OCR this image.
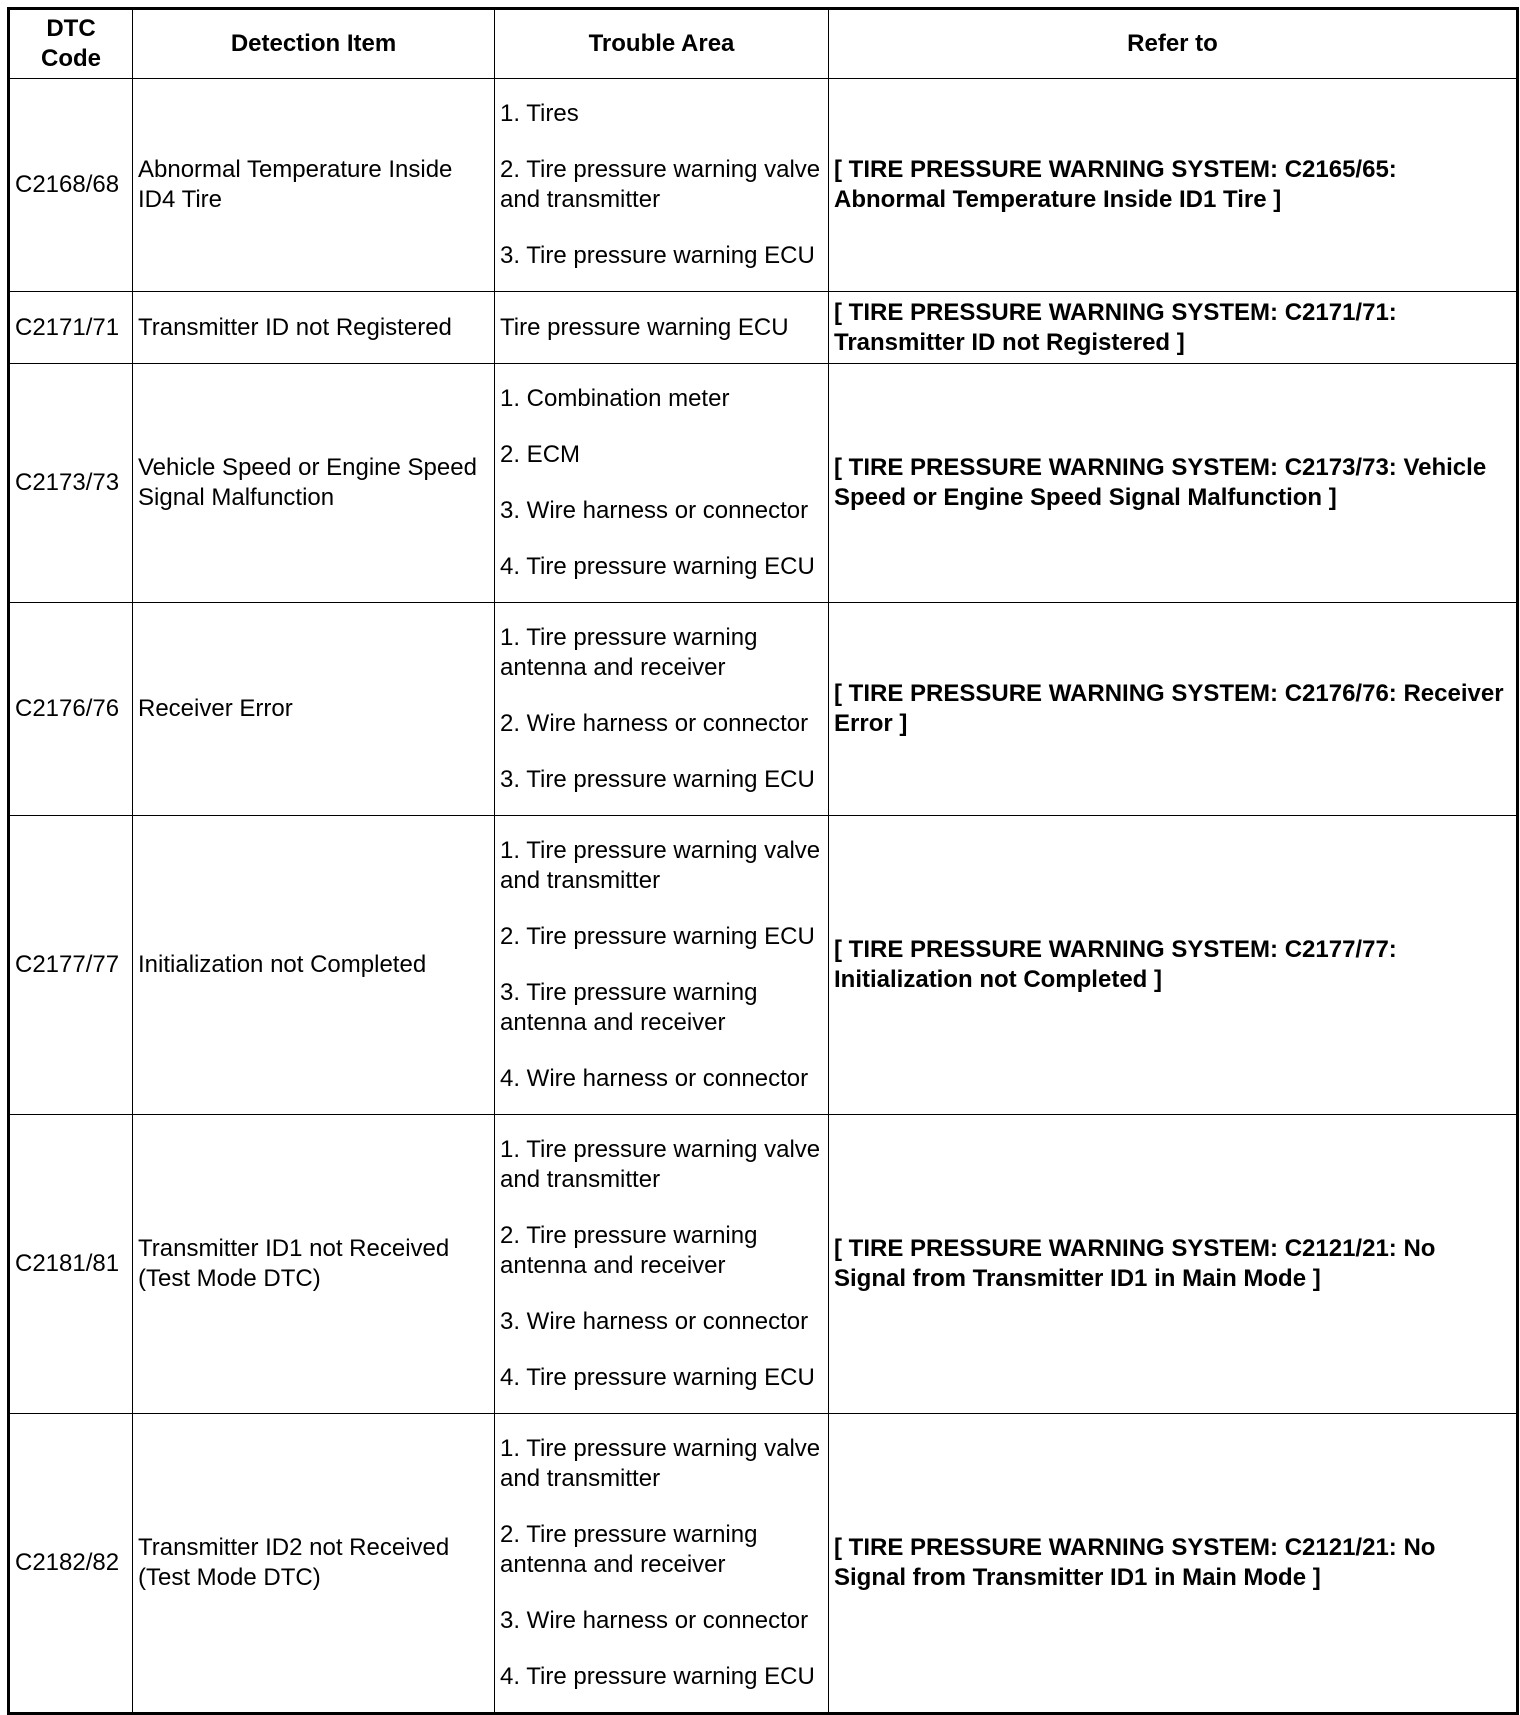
DTC Code	Detection Item	Trouble Area	Refer to
C2168/68	Abnormal Temperature Inside ID4 Tire	1. Tires
2. Tire pressure warning valve and transmitter
3. Tire pressure warning ECU	[ TIRE PRESSURE WARNING SYSTEM: C2165/65: Abnormal Temperature Inside ID1 Tire ]
C2171/71	Transmitter ID not Registered	Tire pressure warning ECU	[ TIRE PRESSURE WARNING SYSTEM: C2171/71: Transmitter ID not Registered ]
C2173/73	Vehicle Speed or Engine Speed Signal Malfunction	1. Combination meter
2. ECM
3. Wire harness or connector
4. Tire pressure warning ECU	[ TIRE PRESSURE WARNING SYSTEM: C2173/73: Vehicle Speed or Engine Speed Signal Malfunction ]
C2176/76	Receiver Error	1. Tire pressure warning antenna and receiver
2. Wire harness or connector
3. Tire pressure warning ECU	[ TIRE PRESSURE WARNING SYSTEM: C2176/76: Receiver Error ]
C2177/77	Initialization not Completed	1. Tire pressure warning valve and transmitter
2. Tire pressure warning ECU
3. Tire pressure warning antenna and receiver
4. Wire harness or connector	[ TIRE PRESSURE WARNING SYSTEM: C2177/77: Initialization not Completed ]
C2181/81	Transmitter ID1 not Received (Test Mode DTC)	1. Tire pressure warning valve and transmitter
2. Tire pressure warning antenna and receiver
3. Wire harness or connector
4. Tire pressure warning ECU	[ TIRE PRESSURE WARNING SYSTEM: C2121/21: No Signal from Transmitter ID1 in Main Mode ]
C2182/82	Transmitter ID2 not Received (Test Mode DTC)	1. Tire pressure warning valve and transmitter
2. Tire pressure warning antenna and receiver
3. Wire harness or connector
4. Tire pressure warning ECU	[ TIRE PRESSURE WARNING SYSTEM: C2121/21: No Signal from Transmitter ID1 in Main Mode ]
